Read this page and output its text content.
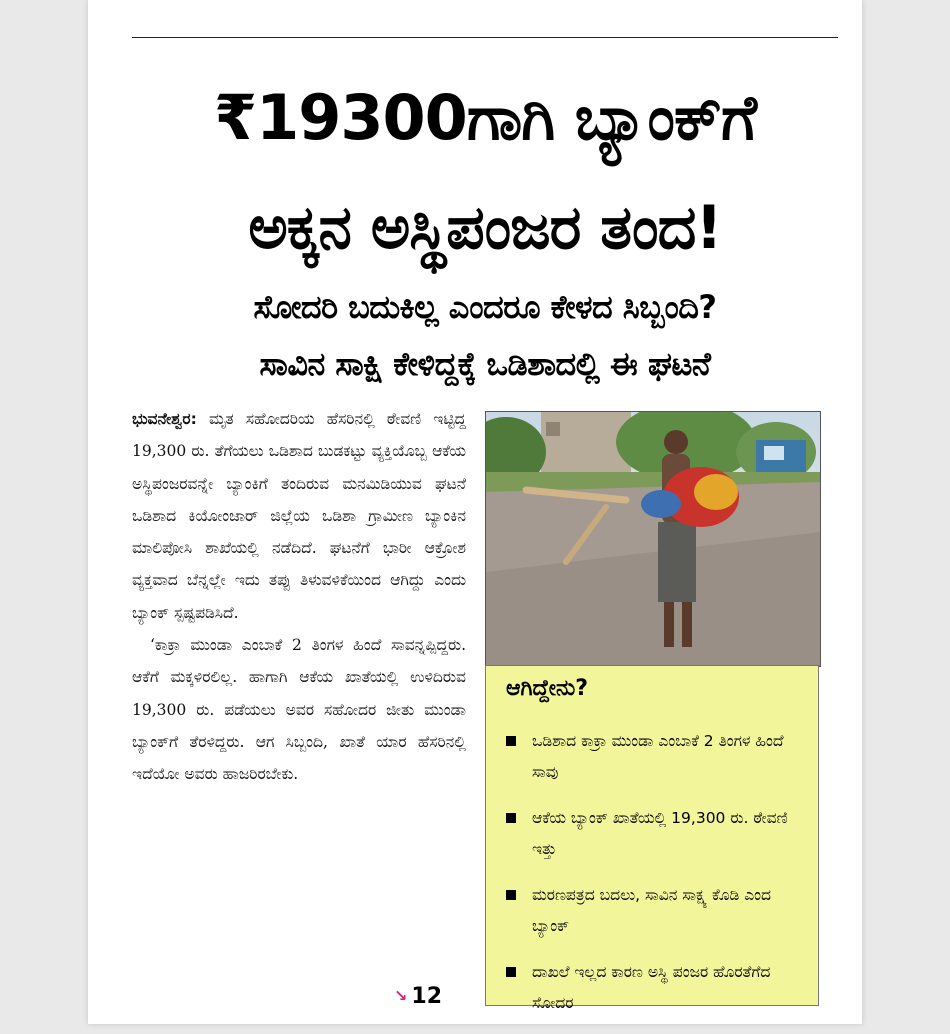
₹19300ಗಾಗಿ ಬ್ಯಾಂಕ್‌ಗೆ
ಅಕ್ಕನ ಅಸ್ಥಿಪಂಜರ ತಂದ!
ಸೋದರಿ ಬದುಕಿಲ್ಲ ಎಂದರೂ ಕೇಳದ ಸಿಬ್ಬಂದಿ?
ಸಾವಿನ ಸಾಕ್ಷಿ ಕೇಳಿದ್ದಕ್ಕೆ ಒಡಿಶಾದಲ್ಲಿ ಈ ಘಟನೆ

ಭುವನೇಶ್ವರ: ಮೃತ ಸಹೋದರಿಯ ಹೆಸರಿನಲ್ಲಿ ಠೇವಣಿ ಇಟ್ಟಿದ್ದ 19,300 ರು. ತೆಗೆಯಲು ಒಡಿಶಾದ ಬುಡಕಟ್ಟು ವ್ಯಕ್ತಿಯೊಬ್ಬ ಆಕೆಯ ಅಸ್ಥಿಪಂಜರವನ್ನೇ ಬ್ಯಾಂಕಿಗೆ ತಂದಿರುವ ಮನಮಿಡಿಯುವ ಘಟನೆ ಒಡಿಶಾದ ಕಿಯೋಂಜಾರ್ ಜಿಲ್ಲೆಯ ಒಡಿಶಾ ಗ್ರಾಮೀಣ ಬ್ಯಾಂಕಿನ ಮಾಲಿಪೋಸಿ ಶಾಖೆಯಲ್ಲಿ ನಡೆದಿದೆ. ಘಟನೆಗೆ ಭಾರೀ ಆಕ್ರೋಶ ವ್ಯಕ್ತವಾದ ಬೆನ್ನಲ್ಲೇ ಇದು ತಪ್ಪು ತಿಳುವಳಿಕೆಯಿಂದ ಆಗಿದ್ದು ಎಂದು ಬ್ಯಾಂಕ್ ಸ್ಪಷ್ಟಪಡಿಸಿದೆ.

‘ಕಾಕ್ರಾ ಮುಂಡಾ ಎಂಬಾಕೆ 2 ತಿಂಗಳ ಹಿಂದೆ ಸಾವನ್ನಪ್ಪಿದ್ದರು. ಆಕೆಗೆ ಮಕ್ಕಳಿರಲಿಲ್ಲ. ಹಾಗಾಗಿ ಆಕೆಯ ಖಾತೆಯಲ್ಲಿ ಉಳಿದಿರುವ 19,300 ರು. ಪಡೆಯಲು ಅವರ ಸಹೋದರ ಜೀತು ಮುಂಡಾ ಬ್ಯಾಂಕ್‌ಗೆ ತೆರಳಿದ್ದರು. ಆಗ ಸಿಬ್ಬಂದಿ, ಖಾತೆ ಯಾರ ಹೆಸರಿನಲ್ಲಿ ಇದೆಯೋ ಅವರು ಹಾಜರಿರಬೇಕು.

↘ 12
ಆಗಿದ್ದೇನು?
ಒಡಿಶಾದ ಕಾಕ್ರಾ ಮುಂಡಾ ಎಂಬಾಕೆ 2 ತಿಂಗಳ ಹಿಂದೆ ಸಾವು
ಆಕೆಯ ಬ್ಯಾಂಕ್ ಖಾತೆಯಲ್ಲಿ 19,300 ರು. ಠೇವಣಿ ಇತ್ತು
ಮರಣಪತ್ರದ ಬದಲು, ಸಾವಿನ ಸಾಕ್ಷ್ಯ ಕೊಡಿ ಎಂದ ಬ್ಯಾಂಕ್
ದಾಖಲೆ ಇಲ್ಲದ ಕಾರಣ ಅಸ್ಥಿ ಪಂಜರ ಹೊರತೆಗೆದ ಸೋದರ
